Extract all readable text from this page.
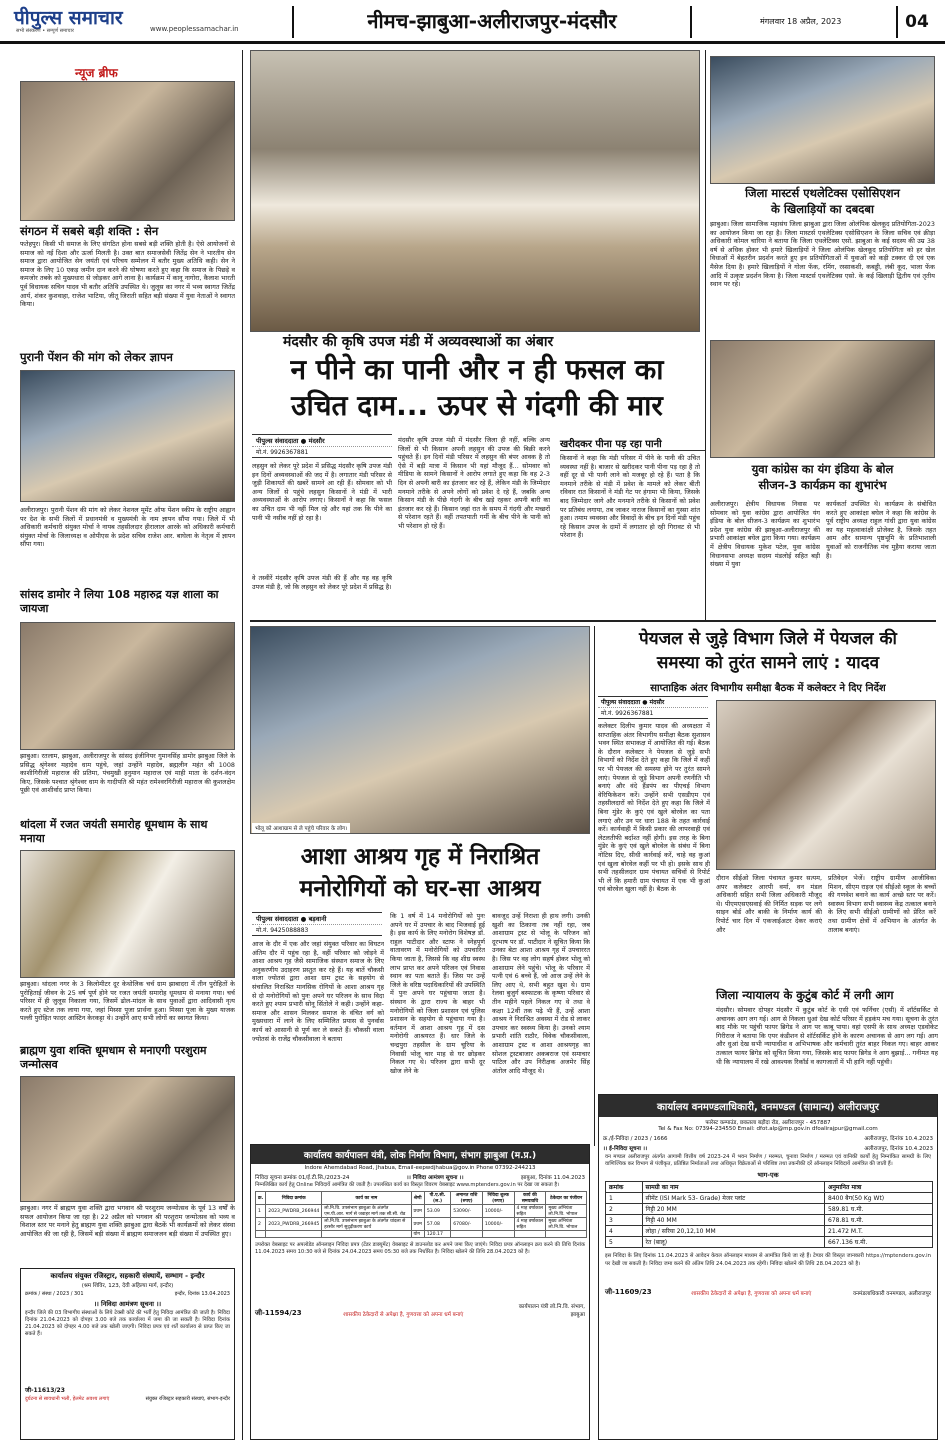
पीपुल्स समाचार
सभी संस्करण • सम्पूर्ण समाचार	www.peoplessamachar.in	नीमच-झाबुआ-अलीराजपुर-मंदसौर	मंगलवार 18 अप्रैल, 2023	04
न्यूज ब्रीफ
संगठन में सबसे बड़ी शक्ति : सेन
फतेहपुर। किसी भी समाज के लिए संगठित होना सबसे बड़ी शक्ति होती है। ऐसे आयोजनों से समाज को नई दिशा और ऊर्जा मिलती है। उक्त बात समाजसेवी जितेंद्र सेन ने भारतीय सेन समाज द्वारा आयोजित सेन जयंती एवं परिचय सम्मेलन में बतौर मुख्य अतिथि कही। सेन ने समाज के लिए 10 एकड़ जमीन दान करने की घोषणा करते हुए कहा कि समाज के पिछड़े व कमजोर तबके को मुख्यधारा से जोड़कर आगे लाना है। कार्यक्रम में कानू नागोरा, कैलाश भारती पूर्व विधायक सचिन यादव भी बतौर अतिथि उपस्थित थे। जुलूस का नगर में भव्य स्वागत जितेंद्र आर्य, शंकर कुशवाहा, राजेश भाटिया, जीतू जिराती सहित बड़ी संख्या में युवा नेताओं ने स्वागत किया।
पुरानी पेंशन की मांग को लेकर ज्ञापन
अलीराजपुर। पुरानी पेंशन की मांग को लेकर नेशनल मूमेंट ऑफ पेंशन स्कीम के राष्ट्रीय आह्वान पर देश के सभी जिलों में प्रधानमंत्री व मुख्यमंत्री के नाम ज्ञापन सौंपा गया। जिले में भी अधिकारी कर्मचारी संयुक्त मोर्चा ने नायब तहसीलदार हीरालाल आरके को अधिकारी कर्मचारी संयुक्त मोर्चा के जिलाध्यक्ष व ओपीएस के प्रदेश सचिव राजेश आर. बाघेला के नेतृत्व में ज्ञापन सौंपा गया।
सांसद डामोर ने लिया 108 महारुद्र यज्ञ शाला का जायजा
झाबुआ। रतलाम, झाबुआ, अलीराजपुर के सांसद इंजीनियर गुमानसिंह डामोर झाबुआ जिले के प्रसिद्ध श्रृंगेश्वर महादेव धाम पहुंचे, जहां उन्होंने महादेव, ब्रह्मलीन महंत श्री 1008 काशीगिरीजी महाराज की प्रतिमा, पंचमुखी हनुमान महाराज एवं माही माता के दर्शन-वंदन किए, जिसके पश्चात श्रृंगेश्वर धाम के गादीपति श्री महंत रामेश्वरगिरीजी महाराज की कुशलक्षेम पूछी एवं आशीर्वाद प्राप्त किया।
थांदला में रजत जयंती समारोह धूमधाम के साथ मनाया
झाबुआ। थांदला नगर के 3 किलोमीटर दूर केथोलिक चर्च ग्राम झाबादरा में तीन पुरोहितों के पुरोहिताई जीवन के 25 वर्ष पूर्ण होने पर रजत जयंती समारोह धूमधाम से मनाया गया। चर्च परिसर में ही जुलूस निकाला गया, जिसमें ढोल-मांदल के साथ युवाओं द्वारा आदिवासी नृत्य करते हुए स्टेज तक लाया गया, जहां मिस्सा पूजा प्रार्थना हुआ। मिस्सा पूजा के मुख्य याजक पल्ली पुरोहित फादर आस्टिन केरकट्टा थे। उन्होंने आए सभी लोगों का स्वागत किया।
ब्राह्मण युवा शक्ति धूमधाम से मनाएगी परशुराम जन्मोत्सव
झाबुआ। नगर में ब्राह्मण युवा शक्ति द्वारा भगवान श्री परशुराम जन्मोत्सव के पूर्व 13 वर्षों के सफल आयोजन किया जा रहा है। 22 अप्रैल को भगवान श्री परशुराम जन्मोत्सव को भव्य व विशाल स्तर पर मनाने हेतु ब्राह्मण युवा शक्ति झाबुआ द्वारा बैठकें भी कार्यक्रमों को लेकर संस्था आयोजित की जा रही है, जिसमें बड़ी संख्या में ब्राह्मण समाजजन बड़ी संख्या में उपस्थित हुए।
कार्यालय संयुक्त रजिस्ट्रार, सहकारी संस्थायें, सम्भाग - इन्दौर
(श्रम शिविर, 123, देवी अहिल्या मार्ग, इन्दौर)
क्रमांक / संस्था / 2023 / 301	इन्दौर, दिनांक 13.04.2023
।। निविदा आमंत्रण सूचना ।।
इन्दौर जिले की 03 विभागीय संस्थाओं के लिये टेक्सी कोटे की भर्ती हेतु निविदा आमंत्रित की जाती है। निविदा दिनांक 21.04.2023 को दोपहर 3.00 बजे तक कार्यालय में जमा की जा सकती है। निविदा दिनांक 21.04.2023 को दोपहर 4.00 बजे तक खोली जाएगी। निविदा प्रपत्र एवं शर्तें कार्यालय से प्राप्त किए जा सकते हैं।
जी-11613/23
दुर्घटना से सावधानी भली, हेलमेट अवश्य लगाएं	संयुक्त रजिस्ट्रार सहकारी संस्थाएं, संभाग-इन्दौर
मंदसौर की कृषि उपज मंडी में अव्यवस्थाओं का अंबार
न पीने का पानी और न ही फसल का
उचित दाम... ऊपर से गंदगी की मार
पीपुल्स संवाददाता ● मंदसौर
मो.नं. 9926367881
लहसुन को लेकर पूरे प्रदेश में प्रसिद्ध मंदसौर कृषि उपज मंडी इन दिनों अव्यवस्थाओं की जद में है। लगातार मंडी परिसर से जुड़ी शिकायतें की खबरें सामने आ रही हैं। सोमवार को भी अन्य जिलों से पहुंचे लहसुन किसानों ने मंडी में भारी अव्यवस्थाओं के आरोप लगाए। किसानों ने कहा कि फसल का उचित दाम भी नहीं मिल रहे और यहां तक कि पीने का पानी भी नसीब नहीं हो रहा है।
वे तस्वीरें मंदसौर कृषि उपज मंडी की हैं और यह वह कृषि उपज मंडी है, जो कि लहसुन को लेकर पूरे प्रदेश में प्रसिद्ध है।
मंदसौर कृषि उपज मंडी में मंदसौर जिला ही नहीं, बल्कि अन्य जिलों से भी किसान अपनी लहसुन की उपज की बिक्री करने पहुंचते हैं। इन दिनों मंडी परिसर में लहसुन की बंपर आवक है तो ऐसे में बड़ी मात्रा में किसान भी यहां मौजूद हैं... सोमवार को मीडिया के सामने किसानों ने आरोप लगाते हुए कहा कि वह 2-3 दिन से अपनी बारी का इंतजार कर रहे हैं, लेकिन मंडी के जिम्मेदार मनमाने तरीके से अपने लोगों को प्रवेश दे रहे हैं, जबकि अन्य किसान मंडी के पीछे गंदगी के बीच खड़े रहकर अपनी बारी का इंतजार कर रहे हैं। किसान जहां रात के समय में गंदगी और मच्छरों से परेशान रहते हैं। वहीं तपतपाती गर्मी के बीच पीने के पानी को भी परेशान हो रहे हैं।
खरीदकर पीना पड़ रहा पानी
किसानों ने कहा कि मंडी परिसर में पीने के पानी की उचित व्यवस्था नहीं है। बाजार से खरीदकर पानी पीना पड़ रहा है तो वहीं दूर से भी पानी लाने को मजबूर हो रहे हैं। पता है कि मनमाने तरीके से मंडी में प्रवेश के मामले को लेकर बीती रविवार रात किसानों ने मंडी गेट पर हंगामा भी किया, जिसके बाद जिम्मेदार जागे और मनमाने तरीके से किसानों को प्रवेश पर प्रतिबंध लगाया, तब जाकर नाराज किसानों का गुस्सा शांत हुआ। तमाम व्यवस्था और विवादों के बीच इन दिनों मंडी पहुंच रहे किसान उपज के दामों में लगातार हो रही गिरावट से भी परेशान हैं।
जिला मास्टर्स एथलेटिक्स एसोसिएशन
के खिलाड़ियों का दबदबा
झाबुआ। जिला सामाजिक महासंघ जिला झाबुआ द्वारा जिला ओलंपिक खेलकूद प्रतियोगिता-2023 का आयोजन किया जा रहा है। जिला मास्टर्स एथलेटिक्स एसोसिएशन के जिला सचिव एवं क्रीड़ा अधिकारी कोमल चारिया ने बताया कि जिला एथलेटिक्स एसो. झाबुआ के कई सदस्य की उम्र 38 वर्ष से अधिक होकर भी हमारे खिलाड़ियों ने जिला ओलंपिक खेलकूद प्रतियोगिता को हर खेल विधाओं में बेहतरीन प्रदर्शन करते हुए इन प्रतियोगिताओं में युवाओं को कड़ी टक्कर दी एवं एक मैसेज दिया है। हमारे खिलाड़ियों ने गोला फेंक, रमिंग, रस्साकशी, कबड्डी, लंबी कूद, भाला फेंक आदि में उत्कृष्ट प्रदर्शन किया है। जिला मास्टर्स एथलेटिक्स एसो. के कई खिलाड़ी द्वितीय एवं तृतीय स्थान पर रहे।
युवा कांग्रेस का यंग इंडिया के बोल
सीजन-3 कार्यक्रम का शुभारंभ
अलीराजपुर। क्षेत्रीय विधायक निवास पर सोमवार को युवा कांग्रेस द्वारा आयोजित यंग इंडिया के बोल सीजन-3 कार्यक्रम का शुभारंभ प्रदेश युवा कांग्रेस की झाबुआ-अलीराजपुर की प्रभारी आकांक्षा बघेल द्वारा किया गया। कार्यक्रम में क्षेत्रीय विधायक मुकेश पटेल, युवा कांग्रेस विधानसभा अध्यक्ष सदस्य मंडलोई सहित बड़ी संख्या में युवा
कार्यकर्ता उपस्थित थे। कार्यक्रम के संबोधित करते हुए आकांक्षा बघेल ने कहा कि कांग्रेस के पूर्व राष्ट्रीय अध्यक्ष राहुल गांधी द्वारा युवा कांग्रेस का यह महत्वाकांक्षी प्रोजेक्ट है, जिसके तहत आम और सामान्य पृष्ठभूमि के प्रतिभाशाली युवाओं को राजनीतिक मंच मुहैया कराया जाता है।
भोलू को आशाग्राम से ले पहुंचे परिवार के लोग।
आशा आश्रय गृह में निराश्रित
मनोरोगियों को घर-सा आश्रय
पीपुल्स संवाददाता ● बड़वानी
मो.नं. 9425088883
आज के दौर में एक और जहां संयुक्त परिवार का विघटन अंतिम दौर में पहुंच रहा है, वहीं परिवार को जोड़ने में आशा आश्रय गृह जैसे सामाजिक संस्थान समाज के लिए अनुकरणीय उदाहरण प्रस्तुत कर रहे हैं। यह बातें चौकसी वाला ज्योतसं द्वारा आशा ग्राम ट्रस्ट के सहयोग से संचालित निराश्रित मानसिक रोगियों के आशा आश्रय गृह से दो मनोरोगियों को पुनः अपने घर परिजन के साथ विदा करते हुए श्याम प्रभारी सोनू सिंतोले ने कही। उन्होंने कहा- समाज और शासन मिलकर समाज के वंचित वर्ग को मुख्यधारा में लाने के लिए सम्मिलित प्रयास से पुनर्वास कार्य को आसानी से पूर्ण कर ले सकते हैं। चौकसी वाला ज्योतसं के राजेंद्र चौकसीवाला ने बताया
कि 1 वर्ष में 14 मनोरोगियों को पुनः अपने घर में उपचार के बाद भिजवाई हुई है। इस कार्य के लिए मनोरोग विशेषज्ञ डॉ. राहुल पाटीदार और स्टाफ ने स्नेहपूर्ण वातावरण में मनोरोगियों को उपचारित किया जाता है, जिससे कि वह शीघ्र स्वस्थ लाभ प्राप्त कर अपने परिजन एवं निवास स्थान का पता बताते हैं। जिस पर उन्हें जिले के वरिष्ठ पदाधिकारियों की उपस्थिति में पुनः अपने घर पहुंचाया जाता है। संस्थान के द्वारा राज्य के बाहर भी मनोरोगियों को जिला प्रशासन एवं पुलिस प्रशासन के सहयोग से पहुंचाया गया है। वर्तमान में आशा आश्रय गृह में दस मनोरोगी आश्रयरत हैं। धार जिले के चन्द्रपुरा तहसील के ग्राम चूरिया के निवासी भोलू चार माह से घर छोड़कर निकल गए थे। परिजन द्वारा सभी दूर खोज लेने के
बावजूद उन्हें निराशा ही हाथ लगी। उनकी खुशी का ठिकाना तब नहीं रहा, जब आशाग्राम ट्रस्ट से भोलू के परिजन को दूरभाष पर डॉ. पाटीदार ने सूचित किया कि उनका बेटा आशा आश्रय गृह में उपचाररत है। जिस पर वह लोग सहर्ष होकर भोलू को आशाग्राम लेने पहुंचे। भोलू के परिवार में पत्नी एवं 6 बच्चे हैं, जो आज उन्हें लेने के लिए आए थे, सभी बहुत खुश थे। ग्राम रेलवा बुजुर्ग बस्फाटक के कृष्णा परिवार से तीन महीने पहले निकल गए थे तथा वे कक्षा 12वीं तक पढ़े भी हैं, उन्हें आशा आश्रय ने निराश्रित अवस्था में रोड से लाकर उपचार कर स्वस्थ्य किया है। उनको श्याम प्रभारी शांति राठौर, विवेक चौकसीवाला, आशाग्राम ट्रस्ट व आशा आश्रयगृह का सोशल ट्रस्टबाजार अकबराज एवं समाचार पाटिल और उप निरीक्षक अजमेर सिंह अंतोल आदि मौजूद थे।
पेयजल से जुड़े विभाग जिले में पेयजल की
समस्या को तुरंत सामने लाएं : यादव
साप्ताहिक अंतर विभागीय समीक्षा बैठक में कलेक्टर ने दिए निर्देश
पीपुल्स संवाददाता ● मंदसौर
मो.नं. 9926367881
कलेक्टर दिलीप कुमार यादव की अध्यक्षता में साप्ताहिक अंतर विभागीय समीक्षा बैठक सुशासन भवन स्थित सभाकक्ष में आयोजित की गई। बैठक के दौरान कलेक्टर ने पेयजल से जुड़े सभी विभागों को निर्देश देते हुए कहा कि जिले में कहीं पर भी पेयजल की समस्या होने पर तुरंत सामने लाएं। पेयजल से जुड़े विभाग अपनी रणनीति भी बनाएं और वंदे हैंडपंप का पीएचई विभाग वेरिफिकेशन करें। उन्होंने सभी एसडीएम एवं तहसीलदारों को निर्देश देते हुए कहा कि जिले में बिना मुंडेर के कुएं एवं खुले बोरवेल का पता लगाएं और उन पर धारा 188 के तहत कार्रवाई करें। कार्यवाही में किसी प्रकार की लापरवाही एवं लेटलतीफी बर्दाश्त नहीं होगी। इस तरह के बिना मुंडेर के कुएं एवं खुले बोरवेल के संबंध में बिना नोटिस दिए, सीधी कार्रवाई करें, चाहे वह कुआं एवं खुला बोरवेल कहीं पर भी हो। इसके साथ ही सभी तहसीलदार ग्राम पंचायत सचिवों से रिपोर्ट भी लें कि हमारी ग्राम पंचायत में एक भी कुआं एवं बोरवेल खुला नहीं है। बैठक के
दौरान सीईओ जिला पंचायत कुमार सत्यम, अपर कलेक्टर आरपी वर्मा, वन मंडल अधिकारी सहित सभी जिला अधिकारी मौजूद थे। पीएमएसएसवाई की निर्मित सड़क पर लगे साइन बोर्ड और बाकी के निर्माण कार्य की रिपोर्ट चार दिन में एकजाईअटर देकर कराएं और
प्रतिवेदन भेजें। राष्ट्रीय ग्रामीण आजीविका मिशन, सीएम राइज एवं सीईओ स्कूल के बच्चों की गणवेश बनाने का कार्य अच्छे स्तर पर करें। स्वास्थ्य विभाग सभी स्वास्थ्य केंद्र तत्काल बनाने के लिए सभी सीईओ ग्रामीणों को प्रेरित करें तथा ग्रामीण क्षेत्रों में अभियान के अंतर्गत के तालाब बनाएं।
जिला न्यायालय के कुटुंब कोर्ट में लगी आग
मंदसौर। सोमवार दोपहर मंदसौर में कुटुंब कोर्ट के एसी एवं फर्निचर (एसी) में शॉर्टसर्किट से अचानक आग लग गई। आग से निकला धुआं देख कोर्ट परिसर में हड़कंप मच गया। सूचना के तुरंत बाद मौके पर पहुंची फायर ब्रिगेड ने आग पर काबू पाया। वहां एसपी के साथ अध्यक्ष एडवोकेट गिरीराज ने बताया कि एयर कंडीशन से शॉर्टसर्किट होने के कारण अचानक से आग लग गई। आग और धुआं देख सभी न्यायाधीश व अभिभाषक और कर्मचारी तुरंत बाहर निकल गए। बाहर आकर तत्काल फायर ब्रिगेड को सूचित किया गया, जिसके बाद फायर ब्रिगेड ने आग बुझाई... गनीमत यह थी कि न्यायालय में रखे आवश्यक रिकॉर्ड व कागजातों में भी हानि नहीं पहुंची।
कार्यालय कार्यपालन यंत्री, लोक निर्माण विभाग, संभाग झाबुआ (म.प्र.)
Indore Ahemdabad Road, Jhabua, Email-eepwdjhabua@gov.in Phone 07392-244213
निविदा सूचना क्रमांक 01/ई.टी.सि./2023-24	।। निविदा आमंत्रण सूचना ।।	झाबुआ, दिनांक 11.04.2023
निम्नलिखित कार्य हेतु Online निविदायें आमंत्रित की जाती है। उपलब्धित कार्य का विस्तृत विवरण वेबसाइट www.mptenders.gov.in पर देखा जा सकता है।
क्र.	निविदा क्रमांक	कार्य का नाम	श्रेणी	पी.ए.सी. (ल.)	अमानत राशि (रुपए)	निविदा शुल्क (रुपए)	कार्य की समयावधि	ठेकेदार का पंजीयन
1	2023_PWDRB_266944	लो.नि.वि. उपसंभाग झाबुआ के अंतर्गत एम.पी.आर. मार्ग से जवाहर मार्ग तक सी.सी. रोड	प्रथम	53.09	53090/-	10000/-	4 माह वर्षाकाल सहित	मुख्य अभियंता लो.नि.वि. भोपाल
2	2023_PWDRB_266945	लो.नि.वि. उपसंभाग झाबुआ के अंतर्गत थांदला से हरसौर मार्ग सुदृढ़ीकरण कार्य	प्रथम	57.08	67080/-	10000/-	4 माह वर्षाकाल सहित	मुख्य अभियंता लो.नि.वि. भोपाल
			योग	120.17				
उपरोक्त वेबसाइट पर अपलोडेड ऑनलाइन निविदा प्रपत्र (टेंडर डाक्यूमेंट) वेबसाइट से डाउनलोड कर अपने जमा किए जाएंगे। निविदा प्रपत्र ऑनलाइन क्रय करने की तिथि दिनांक 11.04.2023 समय 10:30 बजे से दिनांक 24.04.2023 समय 05:30 बजे तक निर्धारित है। निविदा खोलने की तिथि 28.04.2023 को है।
जी-11594/23	शासकीय ठेकेदारों से अपेक्षा है, गुणवत्ता को अपना धर्म बनाएं
कार्यपालन यंत्री लो.नि.वि. संभाग, झाबुआ
कार्यालय वनमण्डलाधिकारी, वनमण्डल (सामान्य) अलीराजपुर
फारेस्ट कम्पाउंड, छकतला बड़ौदा रोड, अलीराजपुर - 457887
Tel & Fax No: 07394-234550 Email: dfot.alp@mp.gov.in dfoalirajpur@gmail.com
क्र./ई-निविदा / 2023 / 1666	अलीराजपुर, दिनांक 10.4.2023
।। ई-निविदा सूचना ।।	अलीराजपुर, दिनांक 10.4.2023
वन मण्डल अलीराजपुर अंतर्गत आगामी वित्तीय वर्ष 2023-24 में भवन निर्माण / मरम्मत, चुनावा निर्माण / मरम्मत एवं वानिकी कार्यों हेतु निम्नांकित सामग्री के लिए वाणिज्यिक कर विभाग से पंजीकृत, प्रतिष्ठित निर्माताओं तथा अधिकृत विक्रेताओं से परिशिष्ट तथा तकनीकी दरें ऑनलाइन निविदायें आमंत्रित की जाती हैं।
भाग-एक
क्रमांक	सामग्री का नाम	अनुमानित मात्रा
1	सीमेंट (ISI Mark 53- Grade) मेजर प्लांट	8400 बैग(50 Kg Wt)
2	गिट्टी 20 MM	589.81 घ.मी.
3	गिट्टी 40 MM	678.81 घ.मी.
4	लोहा / सरिया 20,12,10 MM	21.472 M.T.
5	रेत (बालू)	667.136 घ.मी.
इस निविदा के लिए दिनांक 11.04.2023 से आवेदन केवल ऑनलाइन माध्यम से आमंत्रित किये जा रहे हैं। टेण्डर की विस्तृत जानकारी https://mptenders.gov.in पर देखी जा सकती है। निविदा जमा करने की अंतिम तिथि 24.04.2023 तक रहेगी। निविदा खोलने की तिथि 28.04.2023 को है।
जी-11609/23	शासकीय ठेकेदारों से अपेक्षा है, गुणवत्ता को अपना धर्म बनाएं	वनमंडलाधिकारी वनमण्डल, अलीराजपुर
